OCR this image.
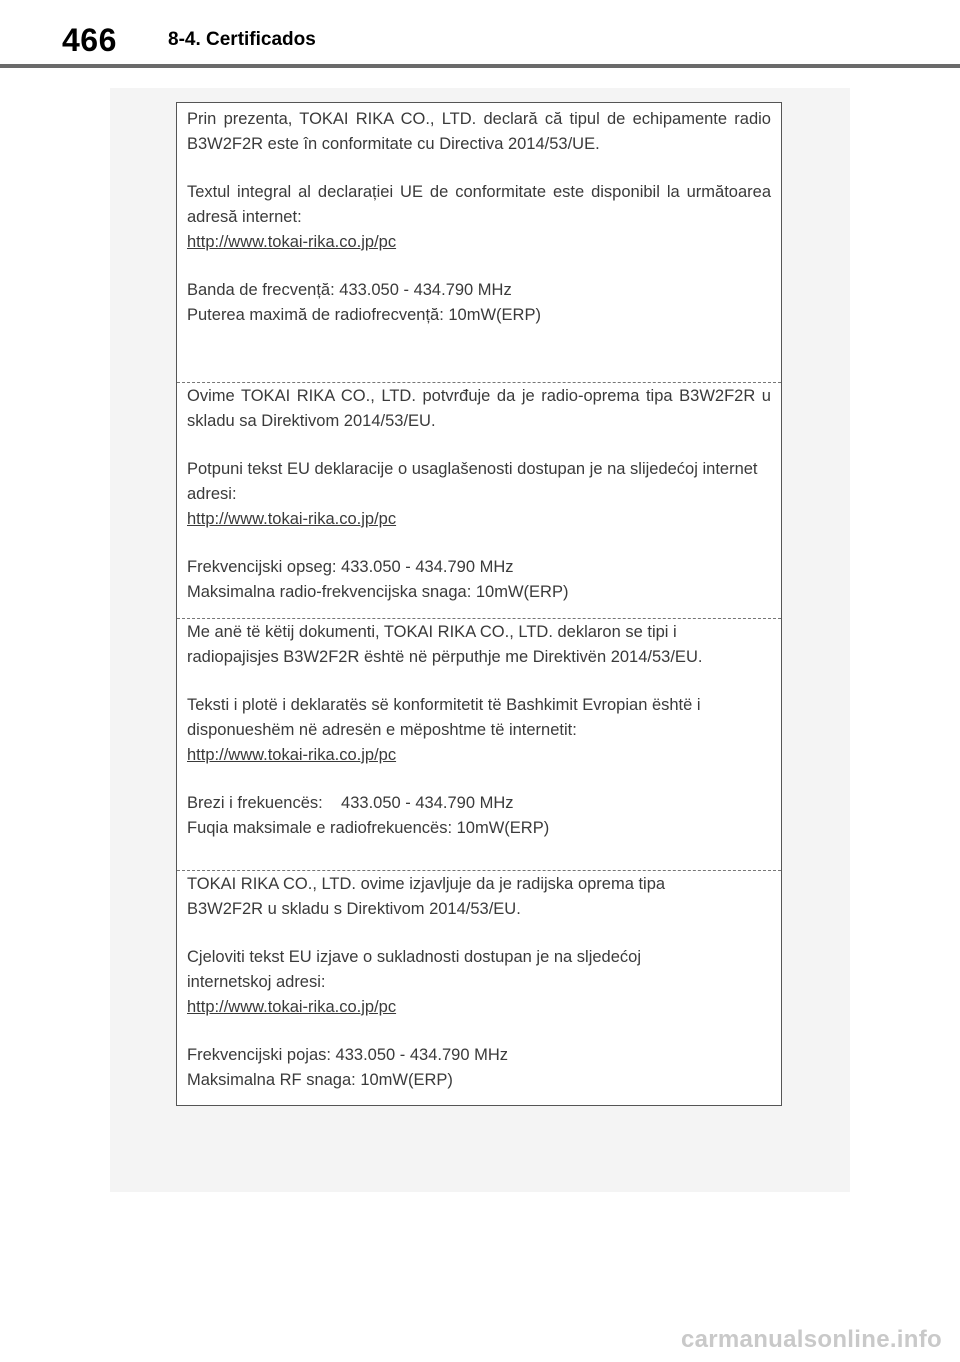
466	8-4. Certificados

Prin prezenta, TOKAI RIKA CO., LTD. declară că tipul de echipamente radio B3W2F2R este în conformitate cu Directiva 2014/53/UE.

Textul integral al declarației UE de conformitate este disponibil la următoarea adresă internet:

http://www.tokai-rika.co.jp/pc

Banda de frecvență: 433.050 - 434.790 MHz

Puterea maximă de radiofrecvență: 10mW(ERP)

Ovime TOKAI RIKA CO., LTD. potvrđuje da je radio-oprema tipa B3W2F2R u skladu sa Direktivom 2014/53/EU.

Potpuni tekst EU deklaracije o usaglašenosti dostupan je na slijedećoj internet adresi:

http://www.tokai-rika.co.jp/pc

Frekvencijski opseg: 433.050 - 434.790 MHz

Maksimalna radio-frekvencijska snaga: 10mW(ERP)

Me anë të këtij dokumenti, TOKAI RIKA CO., LTD. deklaron se tipi i radiopajisjes B3W2F2R është në përputhje me Direktivën 2014/53/EU.

Teksti i plotë i deklaratës së konformitetit të Bashkimit Evropian është i disponueshëm në adresën e mëposhtme të internetit:

http://www.tokai-rika.co.jp/pc

Brezi i frekuencës:    433.050 - 434.790 MHz

Fuqia maksimale e radiofrekuencës: 10mW(ERP)

TOKAI RIKA CO., LTD. ovime izjavljuje da je radijska oprema tipa B3W2F2R u skladu s Direktivom 2014/53/EU.

Cjeloviti tekst EU izjave o sukladnosti dostupan je na sljedećoj internetskoj adresi:

http://www.tokai-rika.co.jp/pc

Frekvencijski pojas: 433.050 - 434.790 MHz

Maksimalna RF snaga: 10mW(ERP)

carmanualsonline.info
